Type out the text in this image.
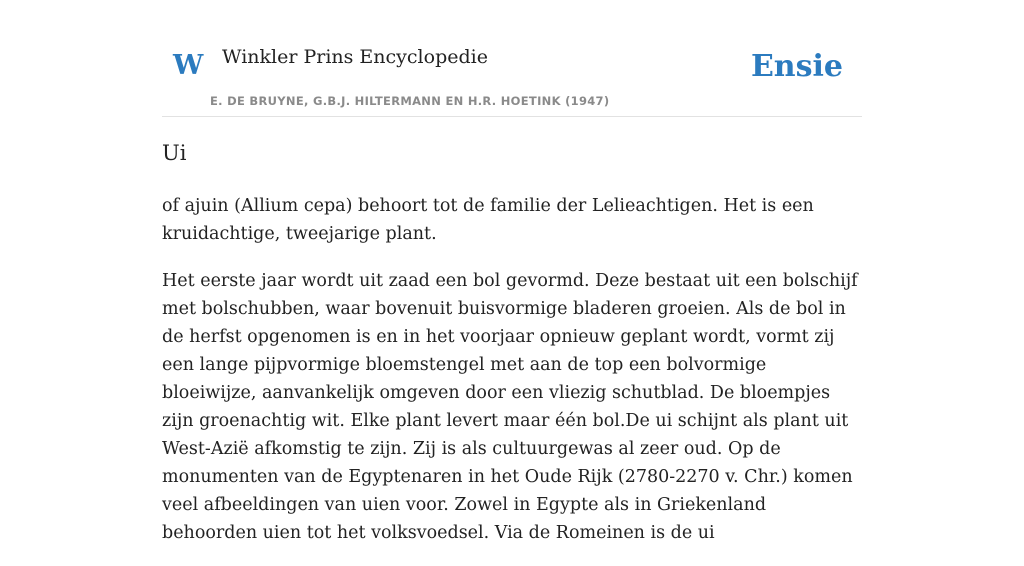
W Winkler Prins Encyclopedie
E. DE BRUYNE, G.B.J. HILTERMANN EN H.R. HOETINK (1947)
Ensie
Ui

of ajuin (Allium cepa) behoort tot de familie der Lelieachtigen. Het is een kruidachtige, tweejarige plant.

Het eerste jaar wordt uit zaad een bol gevormd. Deze bestaat uit een bolschijf met bolschubben, waar bovenuit buisvormige bladeren groeien. Als de bol in de herfst opgenomen is en in het voorjaar opnieuw geplant wordt, vormt zij een lange pijpvormige bloemstengel met aan de top een bolvormige bloeiwijze, aanvankelijk omgeven door een vliezig schutblad. De bloempjes zijn groenachtig wit. Elke plant levert maar één bol.De ui schijnt als plant uit West-Azië afkomstig te zijn. Zij is als cultuurgewas al zeer oud. Op de monumenten van de Egyptenaren in het Oude Rijk (2780-2270 v. Chr.) komen veel afbeeldingen van uien voor. Zowel in Egypte als in Griekenland behoorden uien tot het volksvoedsel. Via de Romeinen is de ui
